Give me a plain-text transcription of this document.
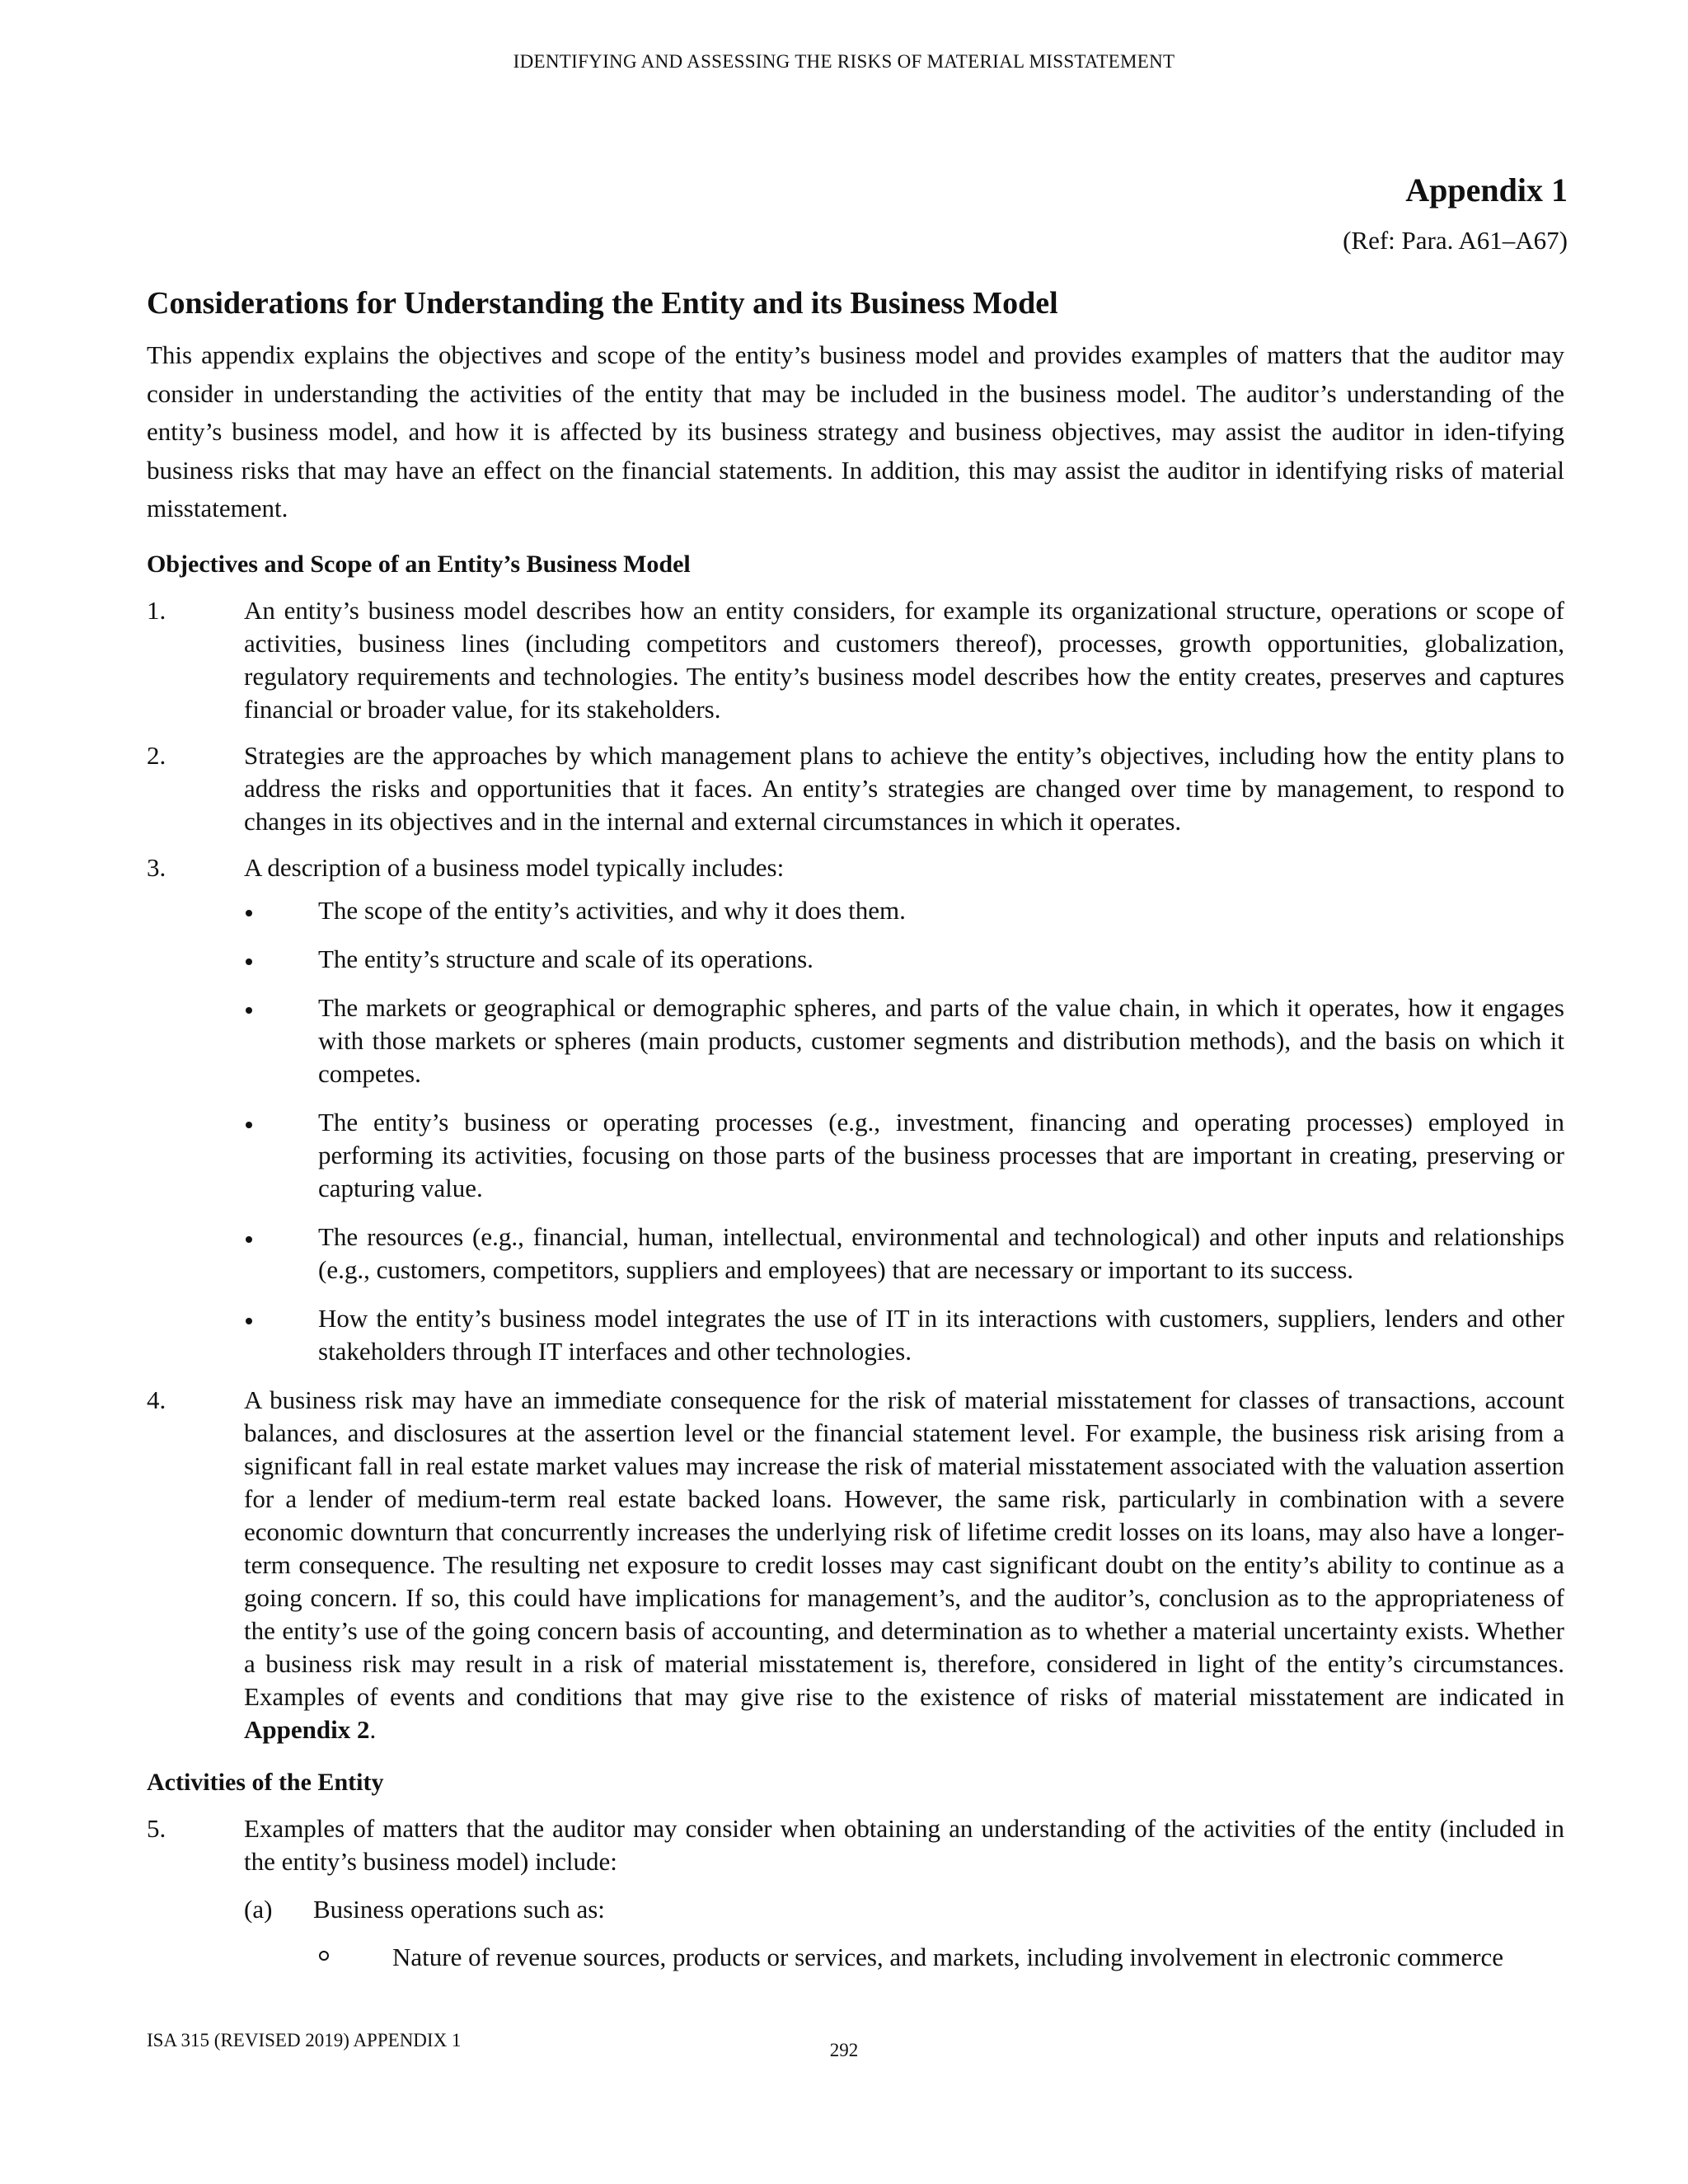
IDENTIFYING AND ASSESSING THE RISKS OF MATERIAL MISSTATEMENT
Appendix 1
(Ref: Para. A61–A67)
Considerations for Understanding the Entity and its Business Model

This appendix explains the objectives and scope of the entity’s business model and provides examples of matters that the auditor may consider in understanding the activities of the entity that may be included in the business model. The auditor’s understanding of the entity’s business model, and how it is affected by its business strategy and business objectives, may assist the auditor in iden-tifying business risks that may have an effect on the financial statements. In addition, this may assist the auditor in identifying risks of material misstatement.

Objectives and Scope of an Entity’s Business Model
1.	An entity’s business model describes how an entity considers, for example its organizational structure, operations or scope of activities, business lines (including competitors and customers thereof), processes, growth opportunities, globalization, regulatory requirements and technologies. The entity’s business model describes how the entity creates, preserves and captures financial or broader value, for its stakeholders.
2.	Strategies are the approaches by which management plans to achieve the entity’s objectives, including how the entity plans to address the risks and opportunities that it faces. An entity’s strategies are changed over time by management, to respond to changes in its objectives and in the internal and external circumstances in which it operates.
3.	A description of a business model typically includes:
The scope of the entity’s activities, and why it does them.
The entity’s structure and scale of its operations.
The markets or geographical or demographic spheres, and parts of the value chain, in which it operates, how it engages with those markets or spheres (main products, customer segments and distribution methods), and the basis on which it competes.
The entity’s business or operating processes (e.g., investment, financing and operating processes) employed in performing its activities, focusing on those parts of the business processes that are important in creating, preserving or capturing value.
The resources (e.g., financial, human, intellectual, environmental and technological) and other inputs and relationships (e.g., customers, competitors, suppliers and employees) that are necessary or important to its success.
How the entity’s business model integrates the use of IT in its interactions with customers, suppliers, lenders and other stakeholders through IT interfaces and other technologies.
4.	A business risk may have an immediate consequence for the risk of material misstatement for classes of transactions, account balances, and disclosures at the assertion level or the financial statement level. For example, the business risk arising from a significant fall in real estate market values may increase the risk of material misstatement associated with the valuation assertion for a lender of medium-term real estate backed loans. However, the same risk, particularly in combination with a severe economic downturn that concurrently increases the underlying risk of lifetime credit losses on its loans, may also have a longer-term consequence. The resulting net exposure to credit losses may cast significant doubt on the entity’s ability to continue as a going concern. If so, this could have implications for management’s, and the auditor’s, conclusion as to the appropriateness of the entity’s use of the going concern basis of accounting, and determination as to whether a material uncertainty exists. Whether a business risk may result in a risk of material misstatement is, therefore, considered in light of the entity’s circumstances. Examples of events and conditions that may give rise to the existence of risks of material misstatement are indicated in Appendix 2.
Activities of the Entity
5.	Examples of matters that the auditor may consider when obtaining an understanding of the activities of the entity (included in the entity’s business model) include:
(a) Business operations such as:
Nature of revenue sources, products or services, and markets, including involvement in electronic commerce
ISA 315 (REVISED 2019) APPENDIX 1	292
